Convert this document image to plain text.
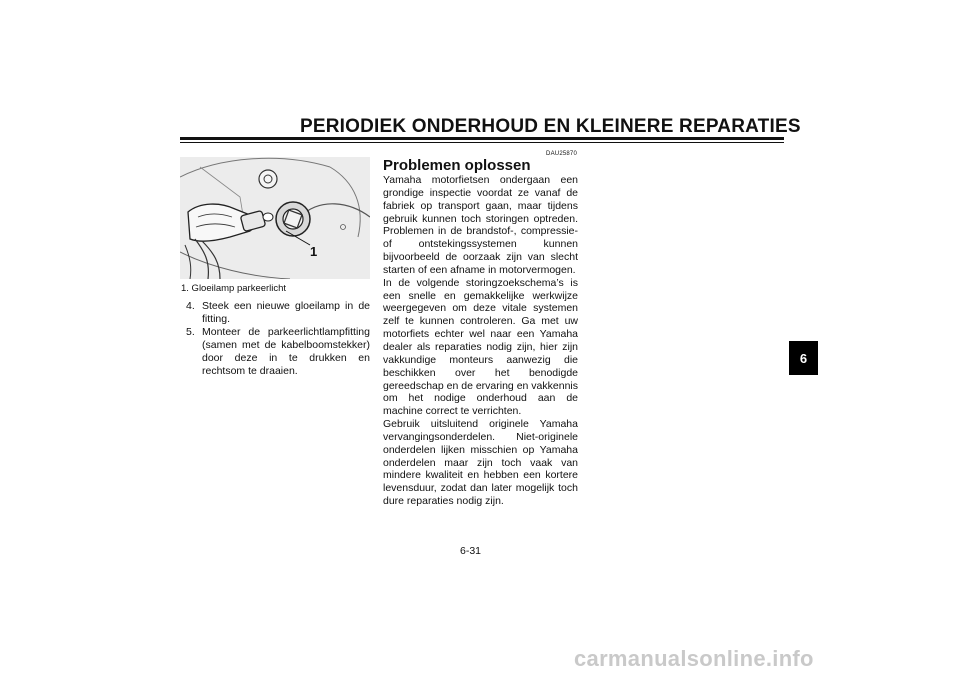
PERIODIEK ONDERHOUD EN KLEINERE REPARATIES
1
1. Gloeilamp parkeerlicht
4. Steek een nieuwe gloeilamp in de fitting.
5. Monteer de parkeerlichtlampfitting (samen met de kabelboomstekker) door deze in te drukken en rechtsom te draaien.
DAU25870
Problemen oplossen

Yamaha motorfietsen ondergaan een grondige inspectie voordat ze vanaf de fabriek op transport gaan, maar tijdens gebruik kunnen toch storingen optreden. Problemen in de brandstof-, compressie- of ontstekingssystemen kunnen bijvoorbeeld de oorzaak zijn van slecht starten of een afname in motorvermogen.

In de volgende storingzoekschema’s is een snelle en gemakkelijke werkwijze weergegeven om deze vitale systemen zelf te kunnen controleren. Ga met uw motorfiets echter wel naar een Yamaha dealer als reparaties nodig zijn, hier zijn vakkundige monteurs aanwezig die beschikken over het benodigde gereedschap en de ervaring en vakkennis om het nodige onderhoud aan de machine correct te verrichten.

Gebruik uitsluitend originele Yamaha vervangingsonderdelen. Niet-originele onderdelen lijken misschien op Yamaha onderdelen maar zijn toch vaak van mindere kwaliteit en hebben een kortere levensduur, zodat dan later mogelijk toch dure reparaties nodig zijn.

6
6-31
carmanualsonline.info
